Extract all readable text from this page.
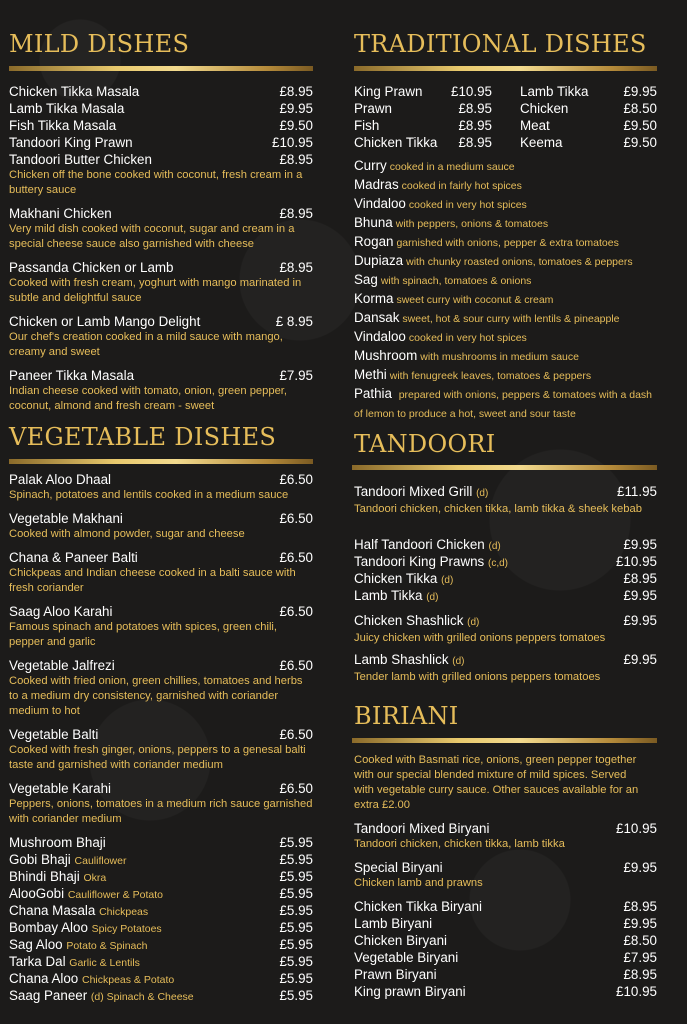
MILD DISHES
Chicken Tikka Masala	£8.95
Lamb Tikka Masala	£9.95
Fish Tikka Masala	£9.50
Tandoori King Prawn	£10.95
Tandoori Butter Chicken	£8.95
Chicken off the bone cooked with coconut, fresh cream in a buttery sauce
Makhani Chicken	£8.95
Very mild dish cooked with coconut, sugar and cream in a special cheese sauce also garnished with cheese
Passanda Chicken or Lamb	£8.95
Cooked with fresh cream, yoghurt with mango marinated in subtle and delightful sauce
Chicken or Lamb Mango Delight	£ 8.95
Our chef's creation cooked in a mild sauce with mango, creamy and sweet
Paneer Tikka Masala	£7.95
Indian cheese cooked with tomato, onion, green pepper, coconut, almond and fresh cream - sweet
VEGETABLE DISHES
Palak Aloo Dhaal	£6.50
Spinach, potatoes and lentils cooked in a medium sauce
Vegetable Makhani	£6.50
Cooked with almond powder, sugar and cheese
Chana & Paneer Balti	£6.50
Chickpeas and Indian cheese cooked in a balti sauce with fresh coriander
Saag Aloo Karahi	£6.50
Famous spinach and potatoes with spices, green chili, pepper and garlic
Vegetable Jalfrezi	£6.50
Cooked with fried onion, green chillies, tomatoes and herbs to a medium dry consistency, garnished with coriander medium to hot
Vegetable Balti	£6.50
Cooked with fresh ginger, onions, peppers to a genesal balti taste and garnished with coriander medium
Vegetable Karahi	£6.50
Peppers, onions, tomatoes in a medium rich sauce garnished with coriander medium
Mushroom Bhaji	£5.95
Gobi Bhaji Cauliflower	£5.95
Bhindi Bhaji Okra	£5.95
AlooGobi Cauliflower & Potato	£5.95
Chana Masala Chickpeas	£5.95
Bombay Aloo Spicy Potatoes	£5.95
Sag Aloo Potato & Spinach	£5.95
Tarka Dal Garlic & Lentils	£5.95
Chana Aloo Chickpeas & Potato	£5.95
Saag Paneer (d) Spinach & Cheese	£5.95
TRADITIONAL DISHES
King Prawn	£10.95 Lamb Tikka	£9.95
Prawn	£8.95 Chicken	£8.50
Fish	£8.95 Meat	£9.50
Chicken Tikka	£8.95 Keema	£9.50
Curry cooked in a medium sauce
Madras cooked in fairly hot spices
Vindaloo cooked in very hot spices
Bhuna with peppers, onions & tomatoes
Rogan garnished with onions, pepper & extra tomatoes
Dupiaza with chunky roasted onions, tomatoes & peppers
Sag with spinach, tomatoes & onions
Korma sweet curry with coconut & cream
Dansak sweet, hot & sour curry with lentils & pineapple
Vindaloo cooked in very hot spices
Mushroom with mushrooms in medium sauce
Methi with fenugreek leaves, tomatoes & peppers
Pathia prepared with onions, peppers & tomatoes with a dash of lemon to produce a hot, sweet and sour taste
TANDOORI
Tandoori Mixed Grill (d)	£11.95
Tandoori chicken, chicken tikka, lamb tikka & sheek kebab
Half Tandoori Chicken (d)	£9.95
Tandoori King Prawns (c,d)	£10.95
Chicken Tikka (d)	£8.95
Lamb Tikka (d)	£9.95
Chicken Shashlick (d)	£9.95
Juicy chicken with grilled onions peppers tomatoes
Lamb Shashlick (d)	£9.95
Tender lamb with grilled onions peppers tomatoes
BIRIANI
Cooked with Basmati rice, onions, green pepper together with our special blended mixture of mild spices. Served with vegetable curry sauce. Other sauces available for an extra £2.00
Tandoori Mixed Biryani	£10.95
Tandoori chicken, chicken tikka, lamb tikka
Special Biryani	£9.95
Chicken lamb and prawns
Chicken Tikka Biryani	£8.95
Lamb Biryani	£9.95
Chicken Biryani	£8.50
Vegetable Biryani	£7.95
Prawn Biryani	£8.95
King prawn Biryani	£10.95
